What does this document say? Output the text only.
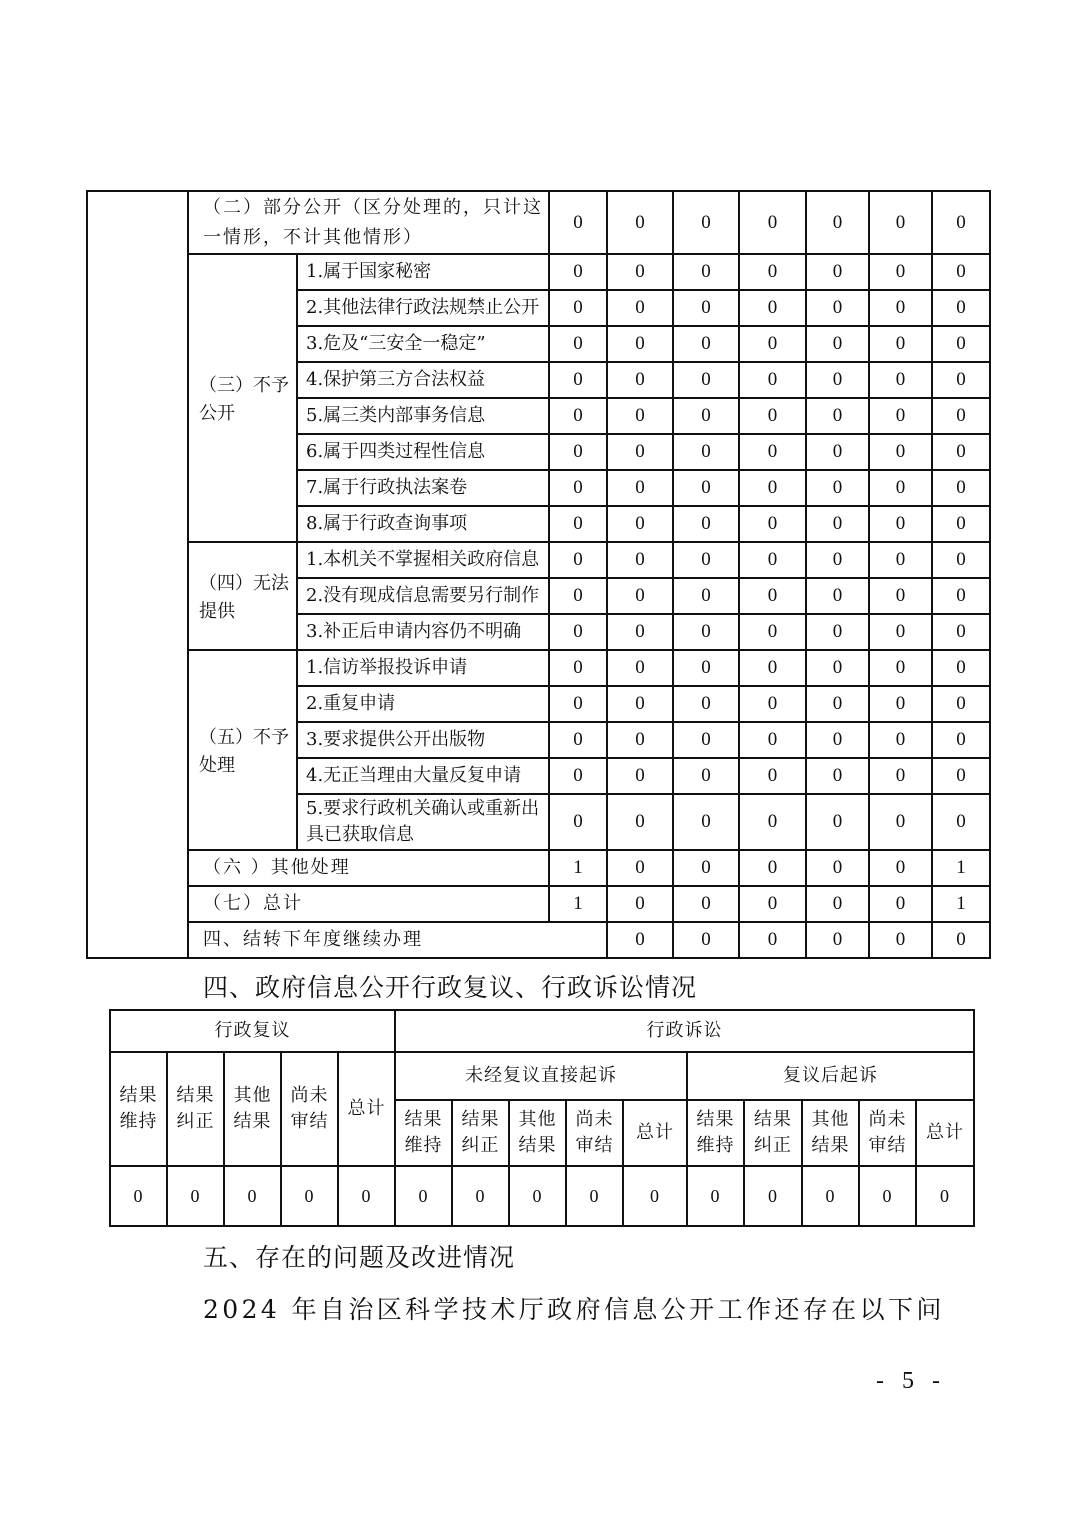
	（二）部分公开（区分处理的，只计这一情形，不计其他情形）		0	0	0	0	0	0	0	
	（三）不予公开	1.属于国家秘密	0	0	0	0	0	0	0	
		2.其他法律行政法规禁止公开	0	0	0	0	0	0	0	
		3.危及“三安全一稳定”	0	0	0	0	0	0	0	
		4.保护第三方合法权益	0	0	0	0	0	0	0	
		5.属三类内部事务信息	0	0	0	0	0	0	0	
		6.属于四类过程性信息	0	0	0	0	0	0	0	
		7.属于行政执法案卷	0	0	0	0	0	0	0	
		8.属于行政查询事项	0	0	0	0	0	0	0	
	（四）无法提供	1.本机关不掌握相关政府信息	0	0	0	0	0	0	0	
		2.没有现成信息需要另行制作	0	0	0	0	0	0	0	
		3.补正后申请内容仍不明确	0	0	0	0	0	0	0	
	（五）不予处理	1.信访举报投诉申请	0	0	0	0	0	0	0	
		2.重复申请	0	0	0	0	0	0	0	
		3.要求提供公开出版物	0	0	0	0	0	0	0	
		4.无正当理由大量反复申请	0	0	0	0	0	0	0	
		5.要求行政机关确认或重新出具已获取信息	0	0	0	0	0	0	0	
	（六 ）其他处理		1	0	0	0	0	0	1	
	（七）总计		1	0	0	0	0	0	1	
	四、结转下年度继续办理			0	0	0	0	0	0	
四、政府信息公开行政复议、行政诉讼情况
行政复议					行政诉讼									
结果维持	结果纠正	其他结果	尚未审结	总计	未经复议直接起诉					复议后起诉				
					结果维持	结果纠正	其他结果	尚未审结	总计	结果维持	结果纠正	其他结果	尚未审结	总计
0	0	0	0	0	0	0	0	0	0	0	0	0	0	0
五、存在的问题及改进情况
2024 年自治区科学技术厅政府信息公开工作还存在以下问
- 5 -
